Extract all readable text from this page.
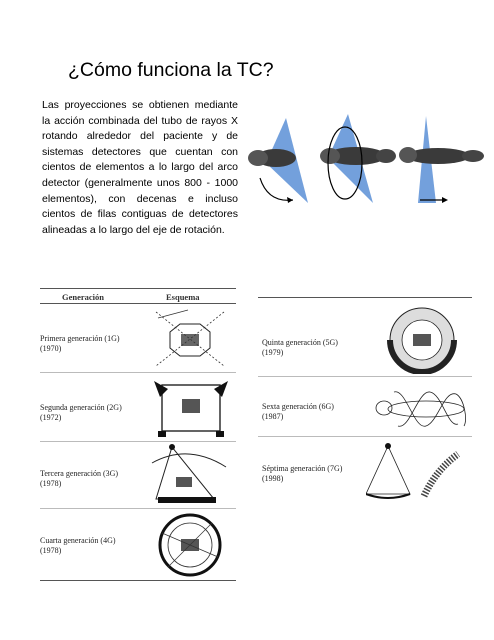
¿Cómo funciona la TC?
Las proyecciones se obtienen mediante la acción combinada del tubo de rayos X rotando alrededor del paciente y de sistemas detectores que cuentan con cientos de elementos a lo largo del arco detector (generalmente unos 800 - 1000 elementos), con decenas e incluso cientos de filas contiguas de detectores alineadas a lo largo del eje de rotación.
Generación	Esquema
Primera generación (1G)
(1970)
Segunda generación (2G)
(1972)
Tercera generación (3G)
(1978)
Cuarta generación (4G)
(1978)
Quinta generación (5G)
(1979)
Sexta generación (6G)
(1987)
Séptima generación (7G)
(1998)
